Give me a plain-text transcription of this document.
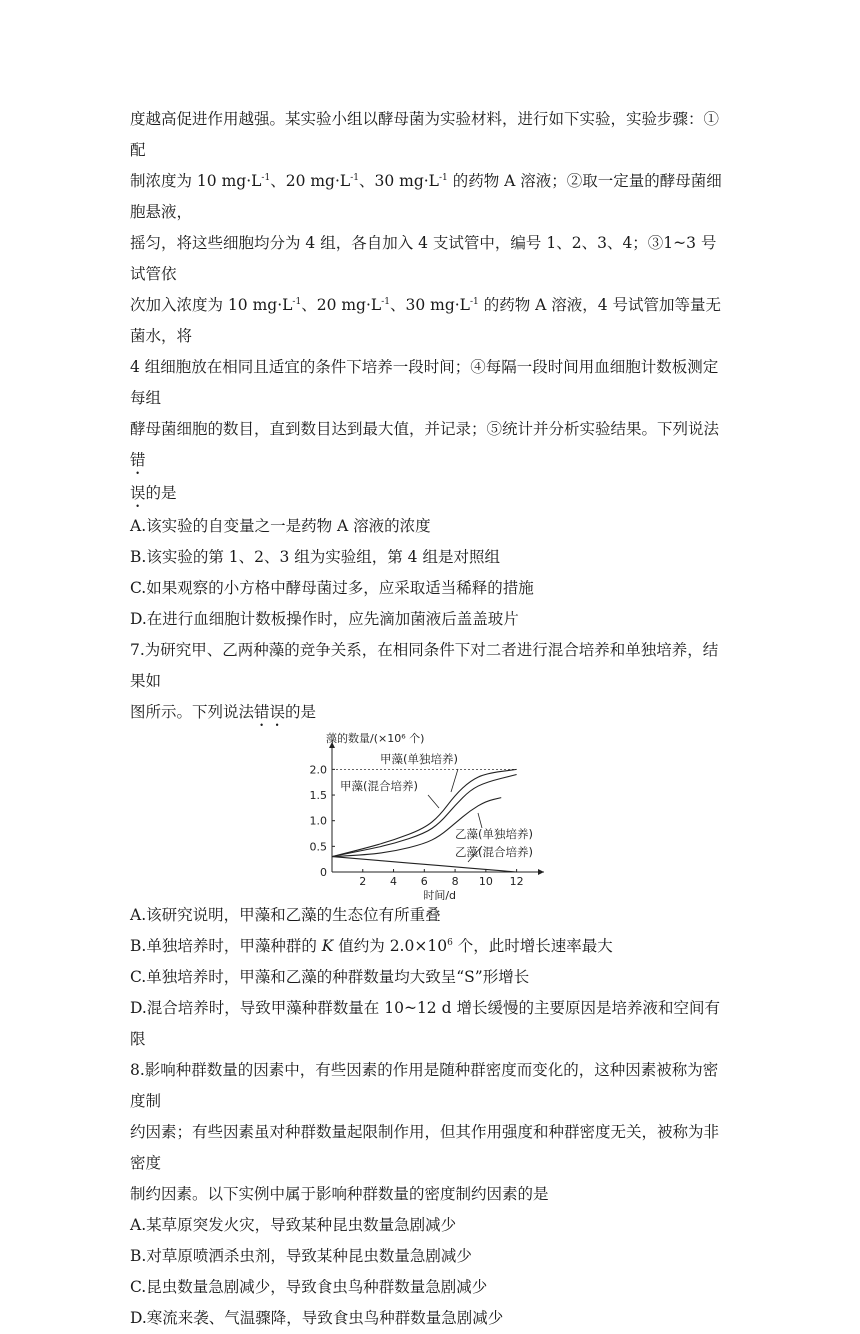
度越高促进作用越强。某实验小组以酵母菌为实验材料，进行如下实验，实验步骤：①配

制浓度为 10 $mg\cdot L^{-1}$、20 $mg\cdot L^{-1}$、30 $mg\cdot L^{-1}$ 的药物 A 溶液；②取一定量的酵母菌细胞悬液，

摇匀，将这些细胞均分为 4 组，各自加入 4 支试管中，编号 1、2、3、4；③1~3 号试管依

次加入浓度为 10 $mg\cdot L^{-1}$、20 $mg\cdot L^{-1}$、30 $mg\cdot L^{-1}$ 的药物 A 溶液，4 号试管加等量无菌水，将

4 组细胞放在相同且适宜的条件下培养一段时间；④每隔一段时间用血细胞计数板测定每组

酵母菌细胞的数目，直到数目达到最大值，并记录；⑤统计并分析实验结果。下列说法错

误的是

A.该实验的自变量之一是药物 A 溶液的浓度

B.该实验的第 1、2、3 组为实验组，第 4 组是对照组

C.如果观察的小方格中酵母菌过多，应采取适当稀释的措施

D.在进行血细胞计数板操作时，应先滴加菌液后盖盖玻片

7.为研究甲、乙两种藻的竞争关系，在相同条件下对二者进行混合培养和单独培养，结果如

图所示。下列说法错误的是

藻的数量/(×10⁶ 个)
2 4 6 8 10 12
0
0.5
1.0
1.5
2.0
时间/d
甲藻(单独培养)
甲藻(混合培养)
乙藻(单独培养)
乙藻(混合培养)

A.该研究说明，甲藻和乙藻的生态位有所重叠

B.单独培养时，甲藻种群的 K 值约为 $2.0\times 10^6$ 个，此时增长速率最大

C.单独培养时，甲藻和乙藻的种群数量均大致呈“S”形增长

D.混合培养时，导致甲藻种群数量在 10~12 d 增长缓慢的主要原因是培养液和空间有限

8.影响种群数量的因素中，有些因素的作用是随种群密度而变化的，这种因素被称为密度制

约因素；有些因素虽对种群数量起限制作用，但其作用强度和种群密度无关，被称为非密度

制约因素。以下实例中属于影响种群数量的密度制约因素的是

A.某草原突发火灾，导致某种昆虫数量急剧减少

B.对草原喷洒杀虫剂，导致某种昆虫数量急剧减少

C.昆虫数量急剧减少，导致食虫鸟种群数量急剧减少

D.寒流来袭、气温骤降，导致食虫鸟种群数量急剧减少
